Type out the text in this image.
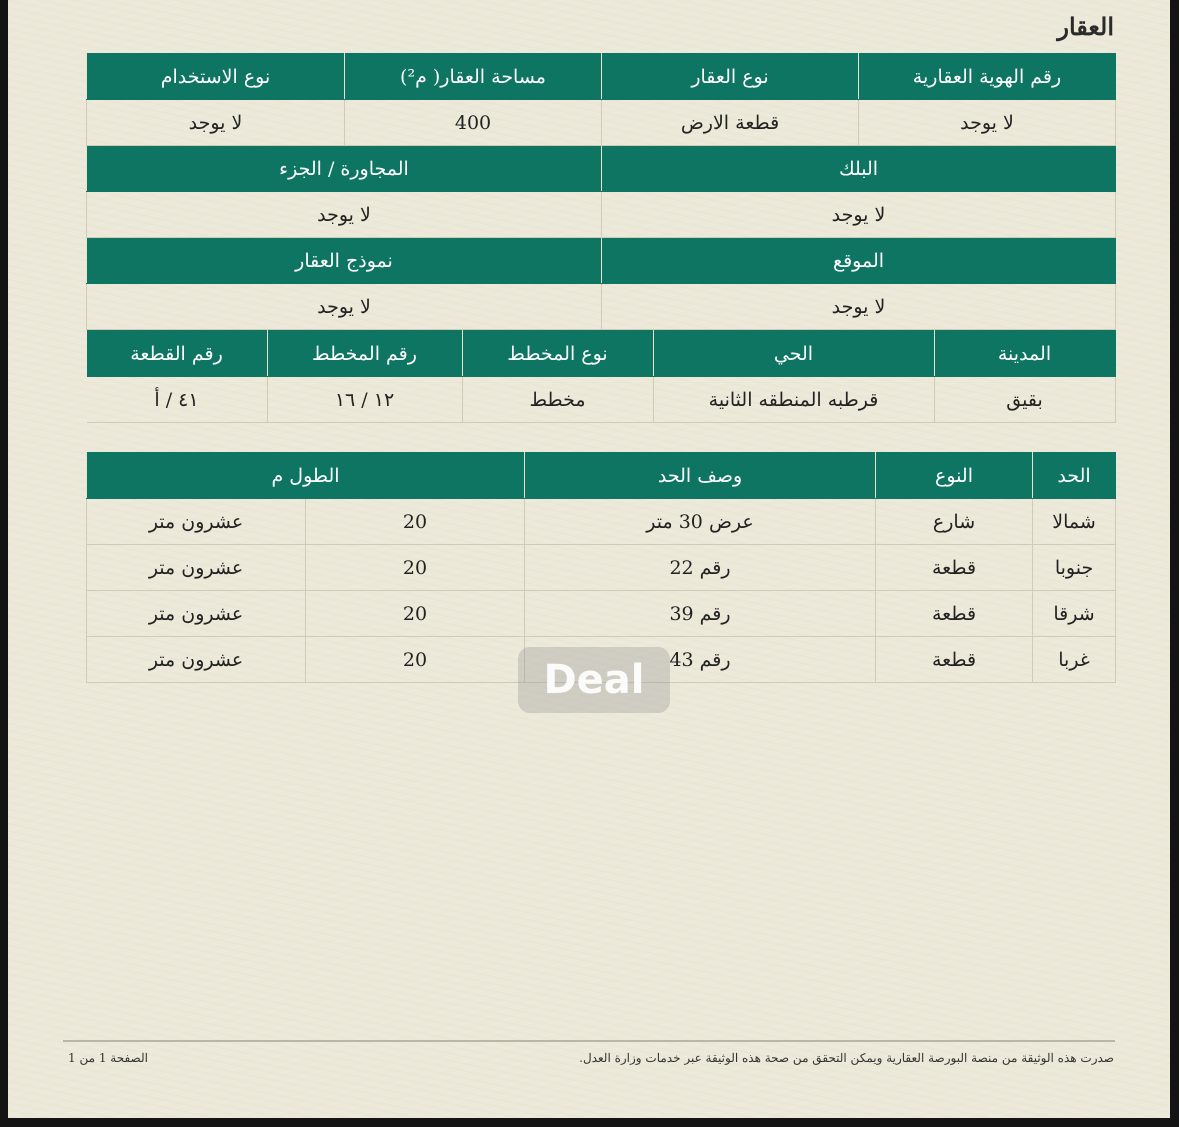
العقار
رقم الهوية العقارية	نوع العقار	مساحة العقار( م²)	نوع الاستخدام
لا يوجد	قطعة الارض	400	لا يوجد
البلك	المجاورة / الجزء
لا يوجد	لا يوجد
الموقع	نموذج العقار
لا يوجد	لا يوجد

المدينة	الحي	نوع المخطط	رقم المخطط	رقم القطعة
بقيق	قرطبه المنطقه الثانية	مخطط	١٢ / ١٦	٤١ / أ
الحد	النوع	وصف الحد	الطول م	
شمالا	شارع	عرض 30 متر	20	عشرون متر
جنوبا	قطعة	رقم 22	20	عشرون متر
شرقا	قطعة	رقم 39	20	عشرون متر
غربا	قطعة	رقم 43	20	عشرون متر	Deal
صدرت هذه الوثيقة من منصة البورصة العقارية ويمكن التحقق من صحة هذه الوثيقة عبر خدمات وزارة العدل.
الصفحة 1 من 1
